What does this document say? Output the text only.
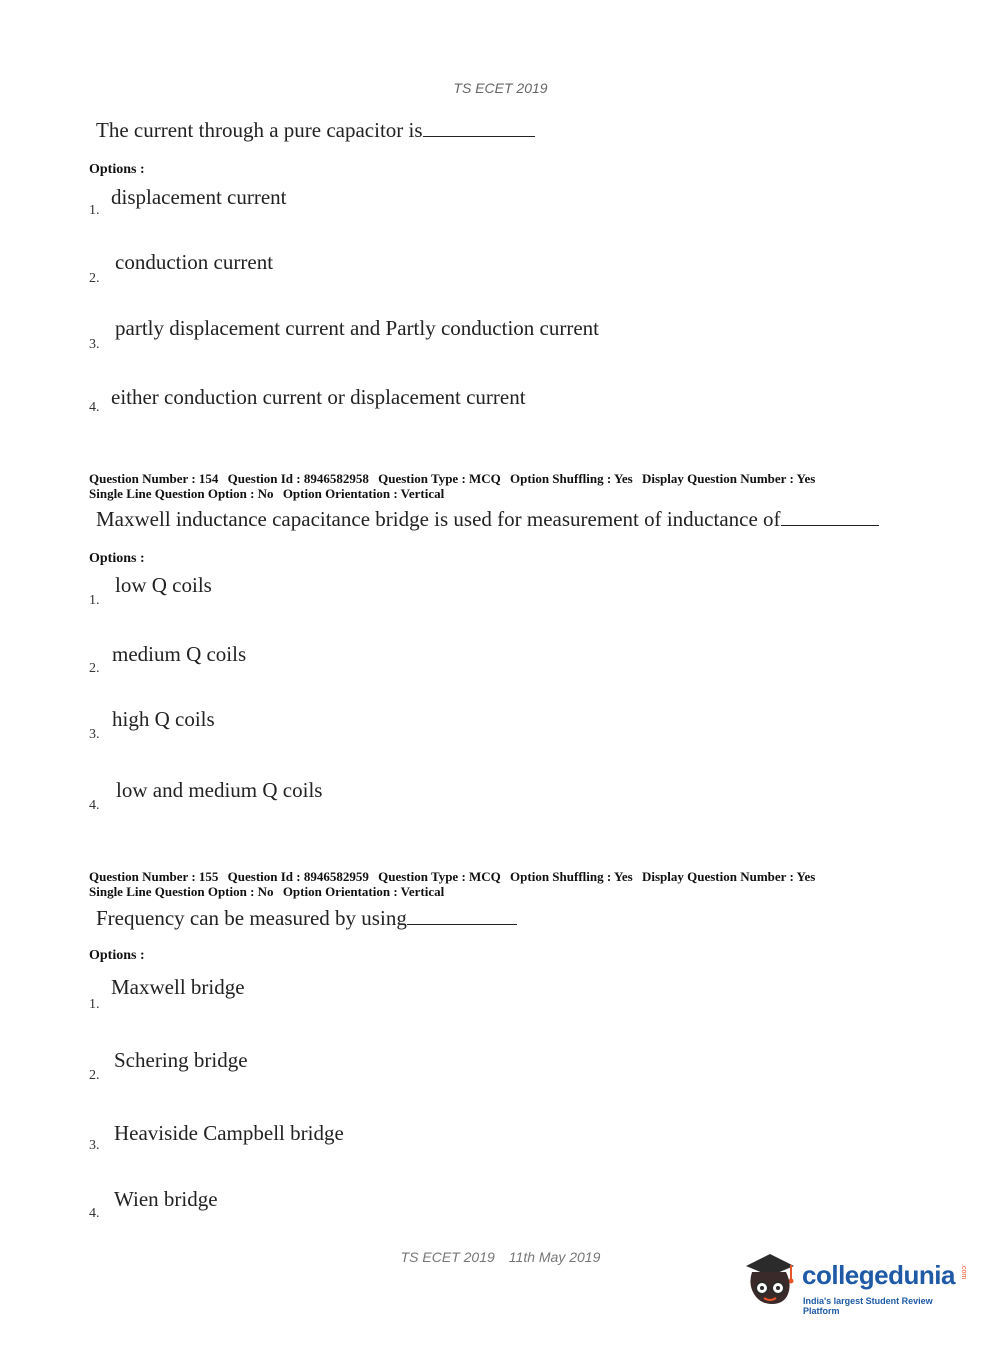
TS ECET 2019
The current through a pure capacitor is
Options :
1.
displacement current
2.
conduction current
3.
partly displacement current and Partly conduction current
4. either conduction current or displacement current
Question Number : 154 Question Id : 8946582958 Question Type : MCQ Option Shuffling : Yes Display Question Number : Yes
Single Line Question Option : No Option Orientation : Vertical
Maxwell inductance capacitance bridge is used for measurement of inductance of
Options :
1.
low Q coils
2.
medium Q coils
3.
high Q coils
4.
low and medium Q coils
Question Number : 155 Question Id : 8946582959 Question Type : MCQ Option Shuffling : Yes Display Question Number : Yes
Single Line Question Option : No Option Orientation : Vertical
Frequency can be measured by using
Options :
1.
Maxwell bridge
2.
Schering bridge
3.
Heaviside Campbell bridge
4.
Wien bridge
TS ECET 2019 11th May 2019
collegedunia .com
India's largest Student Review Platform
